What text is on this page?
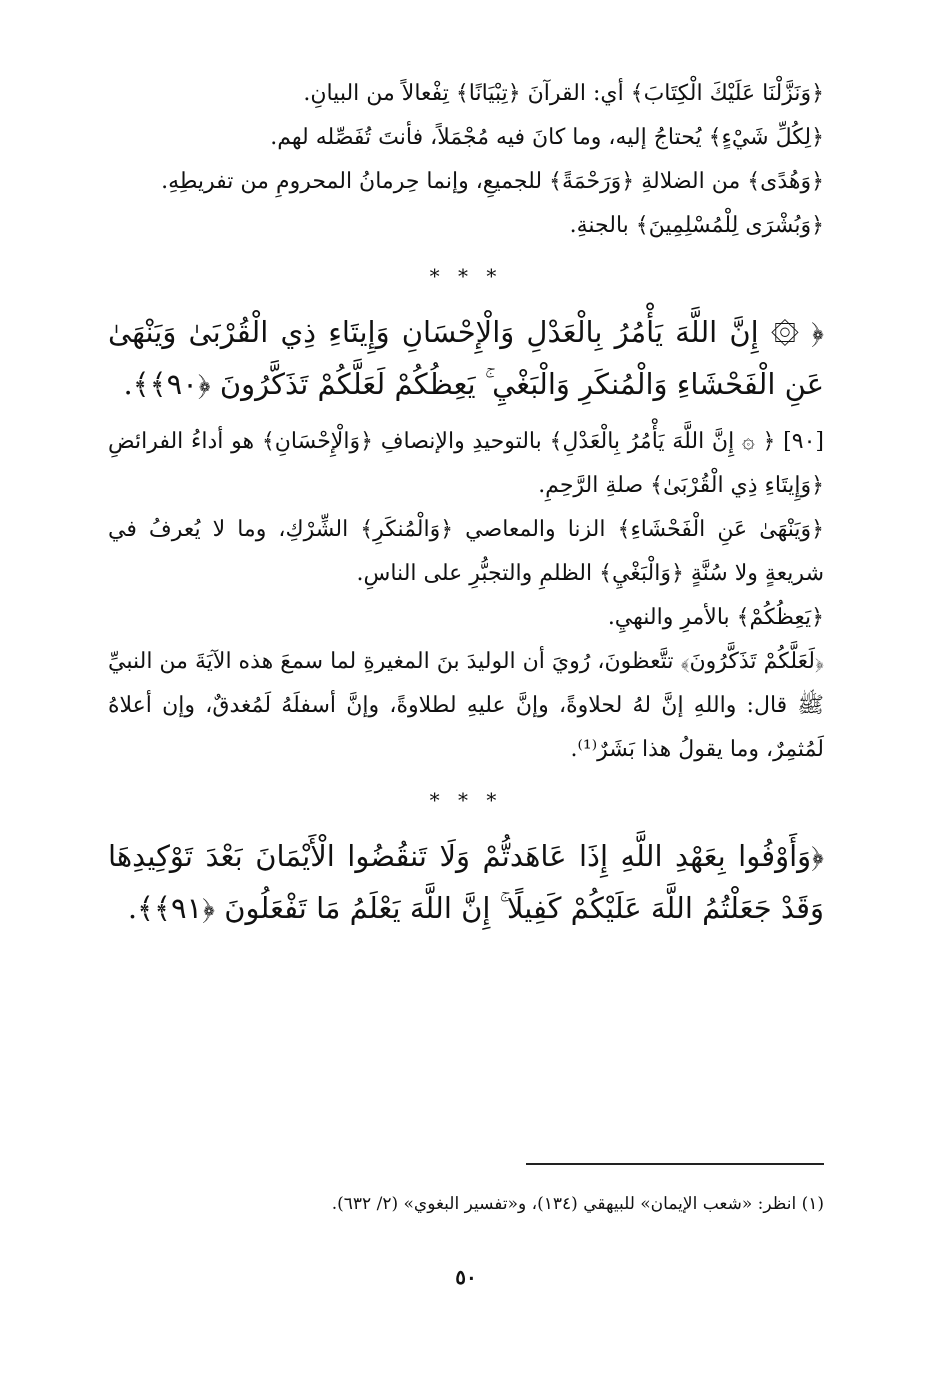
﴿وَنَزَّلْنَا عَلَيْكَ الْكِتَابَ﴾ أي: القرآنَ ﴿تِبْيَانًا﴾ تِفْعالاً من البيانِ.

﴿لِكُلِّ شَيْءٍ﴾ يُحتاجُ إليه، وما كانَ فيه مُجْمَلاً، فأنتَ تُفَصِّله لهم.

﴿وَهُدًى﴾ من الضلالةِ ﴿وَرَحْمَةً﴾ للجميعِ، وإنما حِرمانُ المحرومِ من تفريطِهِ.

﴿وَبُشْرَى لِلْمُسْلِمِينَ﴾ بالجنةِ.

* * *

﴿ ۞ إِنَّ اللَّهَ يَأْمُرُ بِالْعَدْلِ وَالْإِحْسَانِ وَإِيتَاءِ ذِي الْقُرْبَىٰ وَيَنْهَىٰ عَنِ الْفَحْشَاءِ وَالْمُنكَرِ وَالْبَغْيِ ۚ يَعِظُكُمْ لَعَلَّكُمْ تَذَكَّرُونَ ﴿٩٠﴾﴾.

[٩٠] ﴿ ۞ إِنَّ اللَّهَ يَأْمُرُ بِالْعَدْلِ﴾ بالتوحيدِ والإنصافِ ﴿وَالْإِحْسَانِ﴾ هو أداءُ الفرائضِ ﴿وَإِيتَاءِ ذِي الْقُرْبَىٰ﴾ صلةِ الرَّحِمِ.

﴿وَيَنْهَىٰ عَنِ الْفَحْشَاءِ﴾ الزنا والمعاصي ﴿وَالْمُنكَرِ﴾ الشِّرْكِ، وما لا يُعرفُ في شريعةٍ ولا سُنَّةٍ ﴿وَالْبَغْيِ﴾ الظلمِ والتجبُّرِ على الناسِ.

﴿يَعِظُكُمْ﴾ بالأمرِ والنهيِ.

﴿لَعَلَّكُمْ تَذَكَّرُونَ﴾ تتَّعظونَ، رُويَ أن الوليدَ بنَ المغيرةِ لما سمعَ هذه الآيَةَ من النبيِّ ﷺ قال: واللهِ إنَّ لهُ لحلاوةً، وإنَّ عليهِ لطلاوةً، وإنَّ أسفلَهُ لَمُغدقٌ، وإن أعلاهُ لَمُثمِرٌ، وما يقولُ هذا بَشَرٌ⁽¹⁾.

* * *

﴿وَأَوْفُوا بِعَهْدِ اللَّهِ إِذَا عَاهَدتُّمْ وَلَا تَنقُضُوا الْأَيْمَانَ بَعْدَ تَوْكِيدِهَا وَقَدْ جَعَلْتُمُ اللَّهَ عَلَيْكُمْ كَفِيلًا ۚ إِنَّ اللَّهَ يَعْلَمُ مَا تَفْعَلُونَ ﴿٩١﴾﴾.

(١) انظر: «شعب الإيمان» للبيهقي (١٣٤)، و«تفسير البغوي» (٢/ ٦٣٢).
٥٠
